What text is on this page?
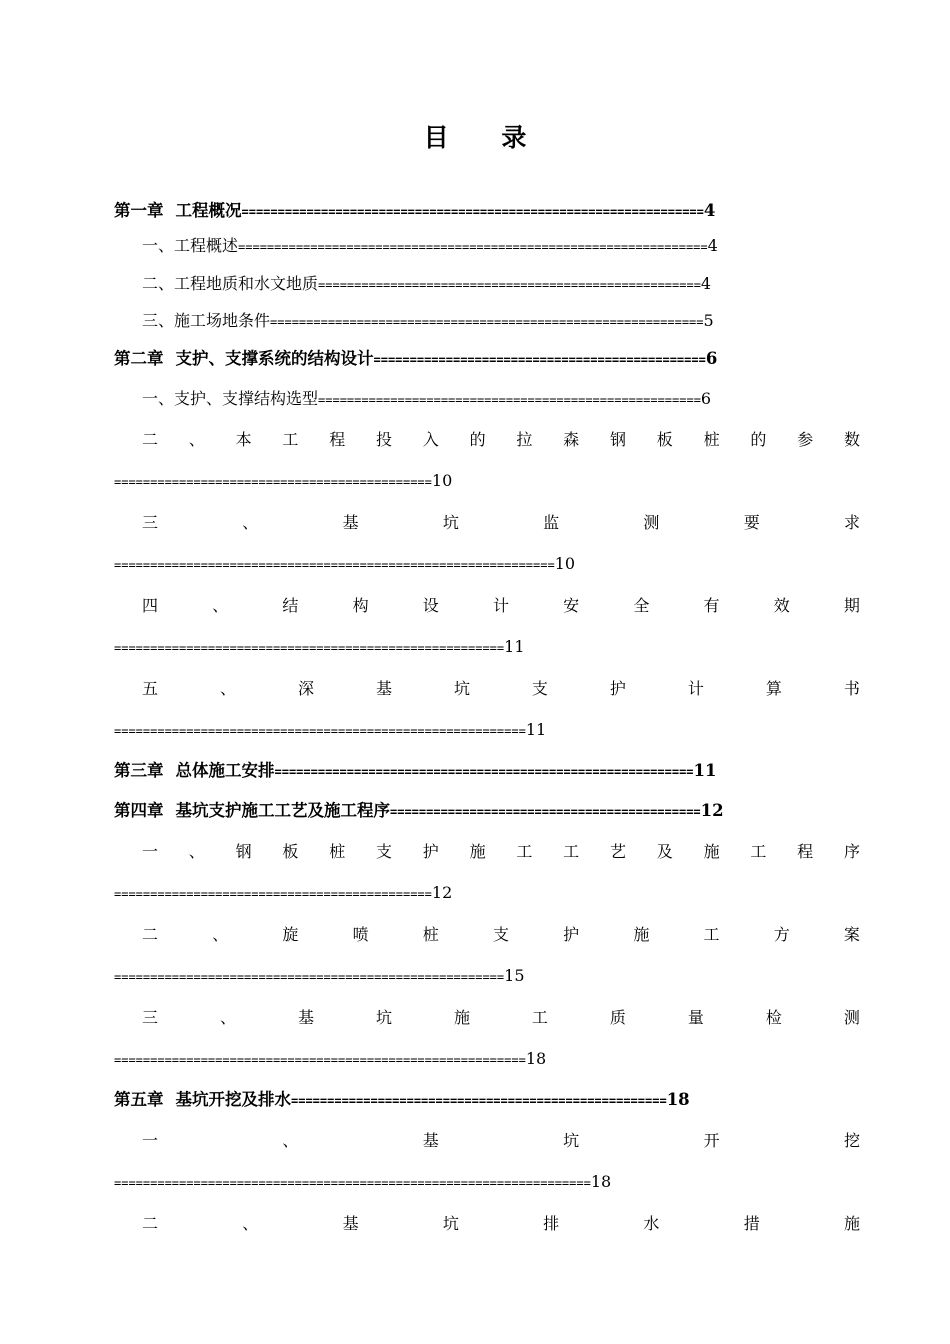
目 录
第一章 工程概况================================================================4
一、工程概述=================================================================4
二、工程地质和水文地质=====================================================4
三、施工场地条件============================================================5
第二章 支护、支撑系统的结构设计==============================================6
一、支护、支撑结构选型=====================================================6
二 、 本 工 程 投 入 的 拉 森 钢 板 桩 的 参 数
============================================10
三	、	基	坑	监	测	要	求
=============================================================10
四	、	结	构	设	计	安	全	有	效	期
======================================================11
五	、	深	基	坑	支	护	计	算	书
=========================================================11
第三章 总体施工安排==========================================================11
第四章 基坑支护施工工艺及施工程序===========================================12
一 、 钢 板 桩 支 护 施 工 工 艺 及 施 工 程 序
============================================12
二	、	旋	喷	桩	支	护	施	工	方	案
======================================================15
三	、	基	坑	施	工	质	量	检	测
=========================================================18
第五章 基坑开挖及排水====================================================18
一	、	基	坑	开	挖
==================================================================18
二	、	基	坑	排	水	措	施
